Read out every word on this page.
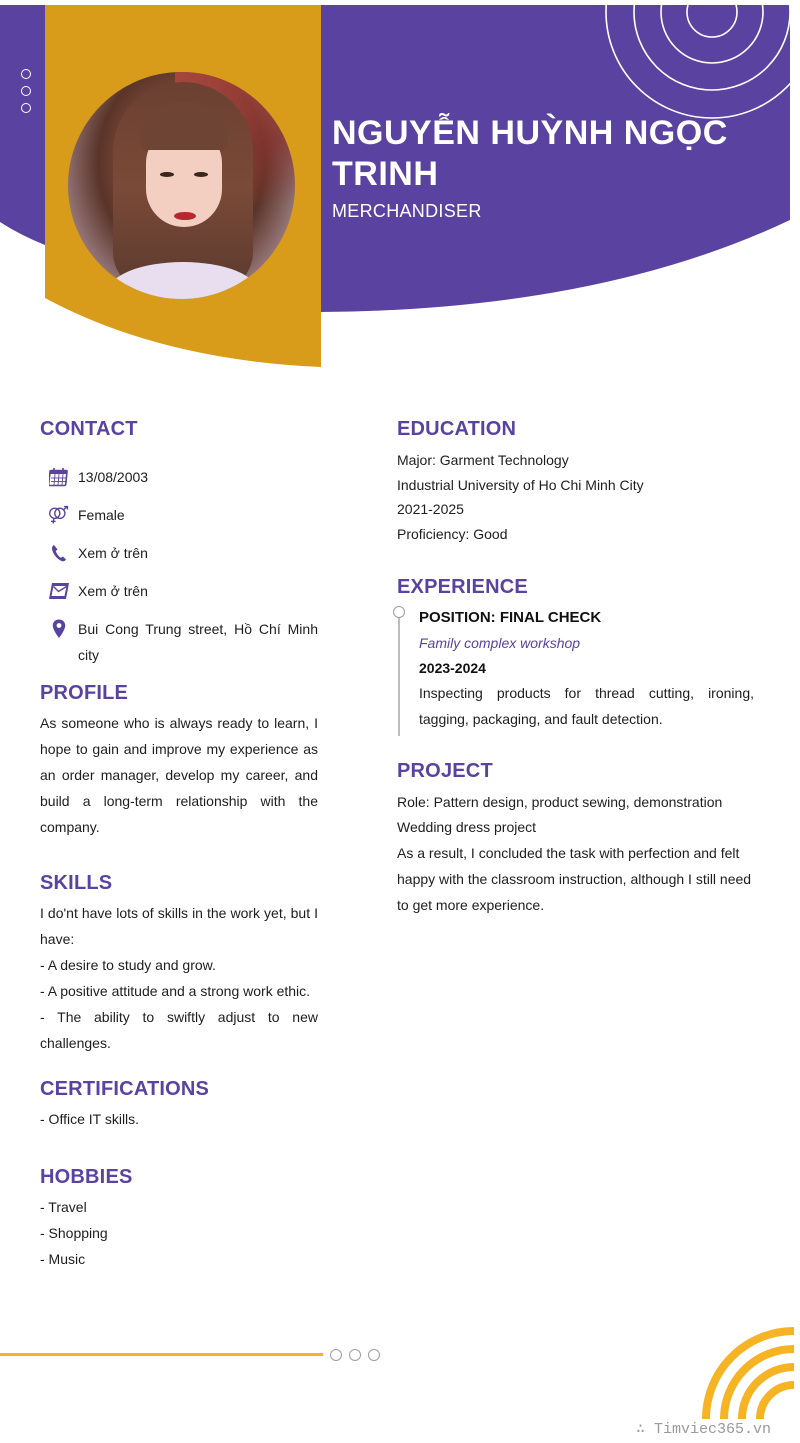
NGUYỄN HUỲNH NGỌC TRINH
MERCHANDISER
CONTACT
13/08/2003
Female
Xem ở trên
Xem ở trên
Bui Cong Trung street, Hồ Chí Minh city
PROFILE

As someone who is always ready to learn, I hope to gain and improve my experience as an order manager, develop my career, and build a long-term relationship with the company.

SKILLS

I do'nt have lots of skills in the work yet, but I have:

- A desire to study and grow.

- A positive attitude and a strong work ethic.

- The ability to swiftly adjust to new challenges.

CERTIFICATIONS

- Office IT skills.

HOBBIES

- Travel

- Shopping

- Music

EDUCATION

Major: Garment Technology

Industrial University of Ho Chi Minh City

2021-2025

Proficiency: Good

EXPERIENCE
POSITION: FINAL CHECK
Family complex workshop
2023-2024

Inspecting products for thread cutting, ironing, tagging, packaging, and fault detection.

PROJECT

Role: Pattern design, product sewing, demonstration

Wedding dress project

As a result, I concluded the task with perfection and felt happy with the classroom instruction, although I still need to get more experience.

∴ Timviec365.vn
